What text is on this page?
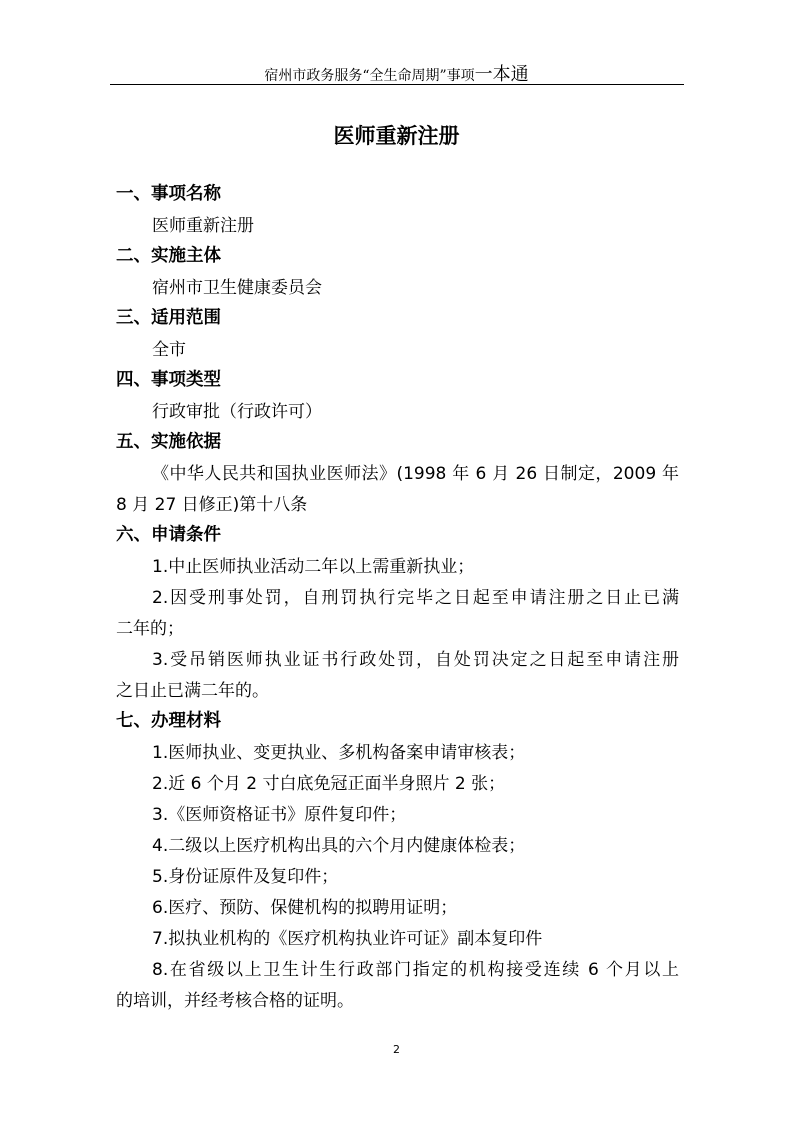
宿州市政务服务“全生命周期”事项一本通
医师重新注册
一、事项名称
医师重新注册
二、实施主体
宿州市卫生健康委员会
三、适用范围
全市
四、事项类型
行政审批（行政许可）
五、实施依据
《中华人民共和国执业医师法》(1998 年 6 月 26 日制定，2009 年
8 月 27 日修正)第十八条
六、申请条件
1.中止医师执业活动二年以上需重新执业；
2.因受刑事处罚，自刑罚执行完毕之日起至申请注册之日止已满
二年的；
3.受吊销医师执业证书行政处罚，自处罚决定之日起至申请注册
之日止已满二年的。
七、办理材料
1.医师执业、变更执业、多机构备案申请审核表；
2.近 6 个月 2 寸白底免冠正面半身照片 2 张；
3.《医师资格证书》原件复印件；
4.二级以上医疗机构出具的六个月内健康体检表；
5.身份证原件及复印件；
6.医疗、预防、保健机构的拟聘用证明；
7.拟执业机构的《医疗机构执业许可证》副本复印件
8.在省级以上卫生计生行政部门指定的机构接受连续 6 个月以上
的培训，并经考核合格的证明。
2
